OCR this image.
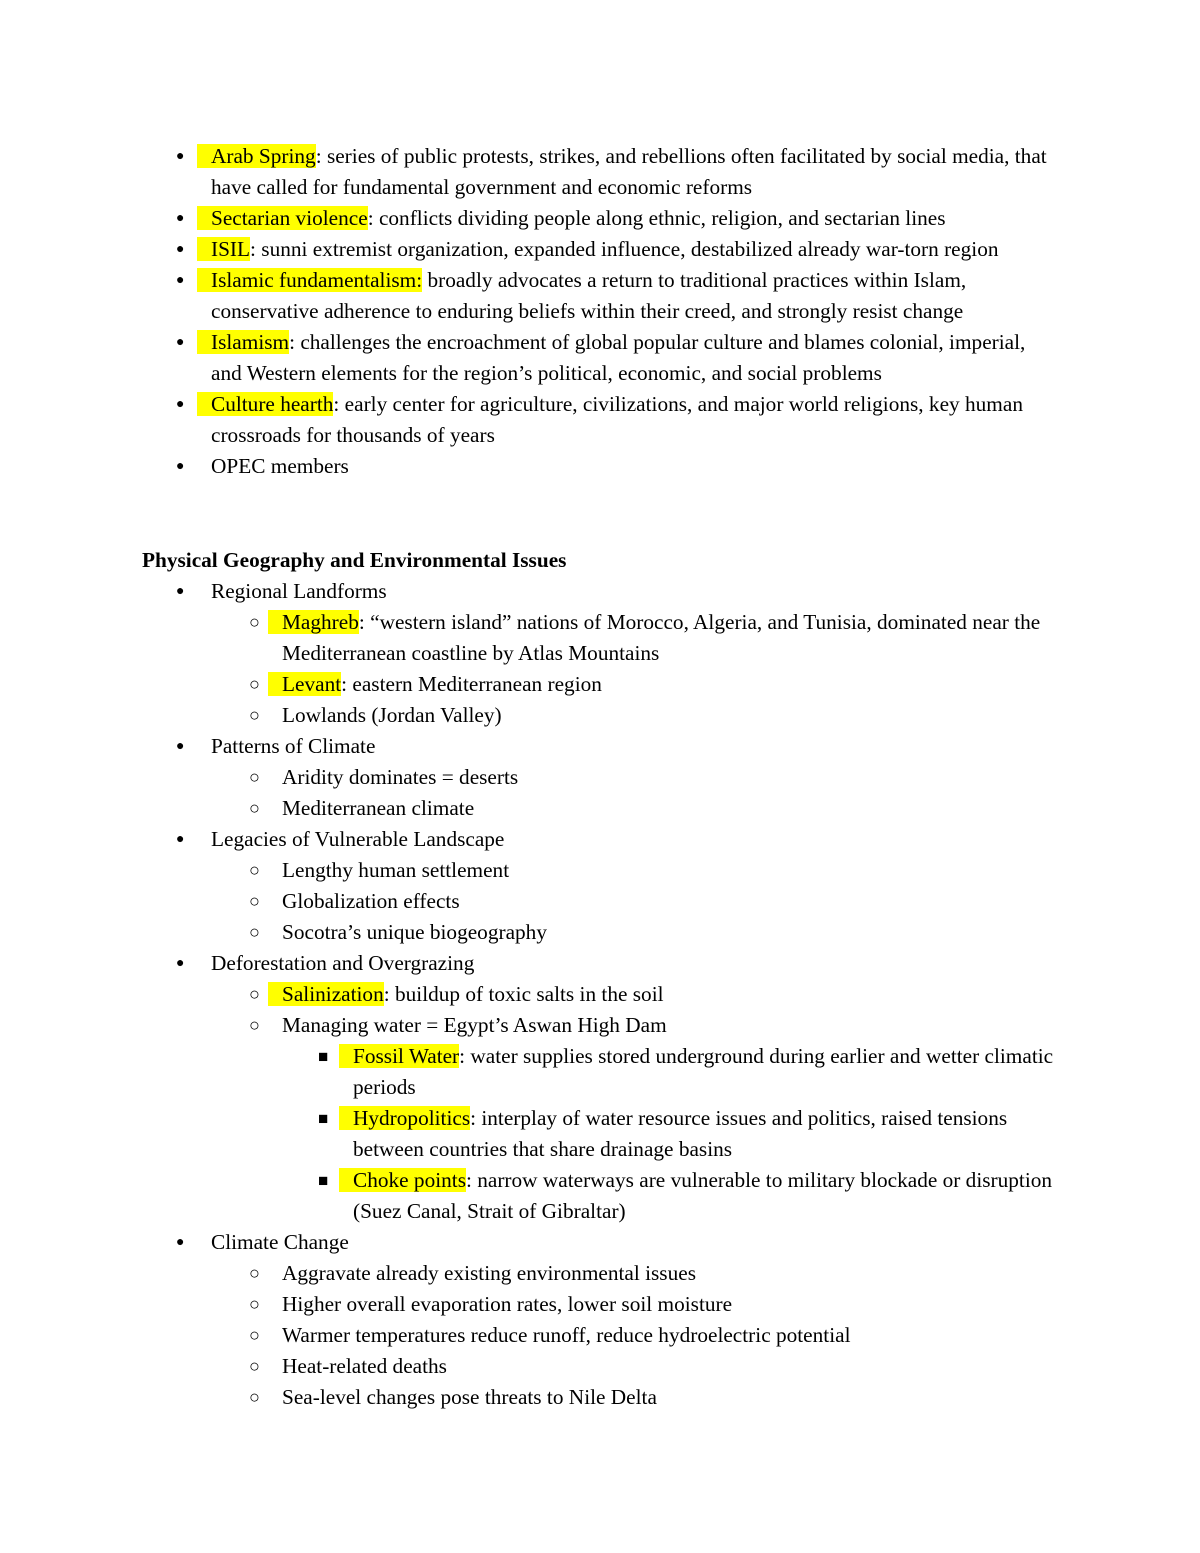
● Arab Spring: series of public protests, strikes, and rebellions often facilitated by social media, that have called for fundamental government and economic reforms
● Sectarian violence: conflicts dividing people along ethnic, religion, and sectarian lines
● ISIL: sunni extremist organization, expanded influence, destabilized already war-torn region
● Islamic fundamentalism: broadly advocates a return to traditional practices within Islam, conservative adherence to enduring beliefs within their creed, and strongly resist change
● Islamism: challenges the encroachment of global popular culture and blames colonial, imperial, and Western elements for the region’s political, economic, and social problems
● Culture hearth: early center for agriculture, civilizations, and major world religions, key human crossroads for thousands of years
● OPEC members
Physical Geography and Environmental Issues
● Regional Landforms
○ Maghreb: “western island” nations of Morocco, Algeria, and Tunisia, dominated near the Mediterranean coastline by Atlas Mountains
○ Levant: eastern Mediterranean region
○ Lowlands (Jordan Valley)
● Patterns of Climate
○ Aridity dominates = deserts
○ Mediterranean climate
● Legacies of Vulnerable Landscape
○ Lengthy human settlement
○ Globalization effects
○ Socotra’s unique biogeography
● Deforestation and Overgrazing
○ Salinization: buildup of toxic salts in the soil
○ Managing water = Egypt’s Aswan High Dam
■ Fossil Water: water supplies stored underground during earlier and wetter climatic periods
■ Hydropolitics: interplay of water resource issues and politics, raised tensions between countries that share drainage basins
■ Choke points: narrow waterways are vulnerable to military blockade or disruption (Suez Canal, Strait of Gibraltar)
● Climate Change
○ Aggravate already existing environmental issues
○ Higher overall evaporation rates, lower soil moisture
○ Warmer temperatures reduce runoff, reduce hydroelectric potential
○ Heat-related deaths
○ Sea-level changes pose threats to Nile Delta
